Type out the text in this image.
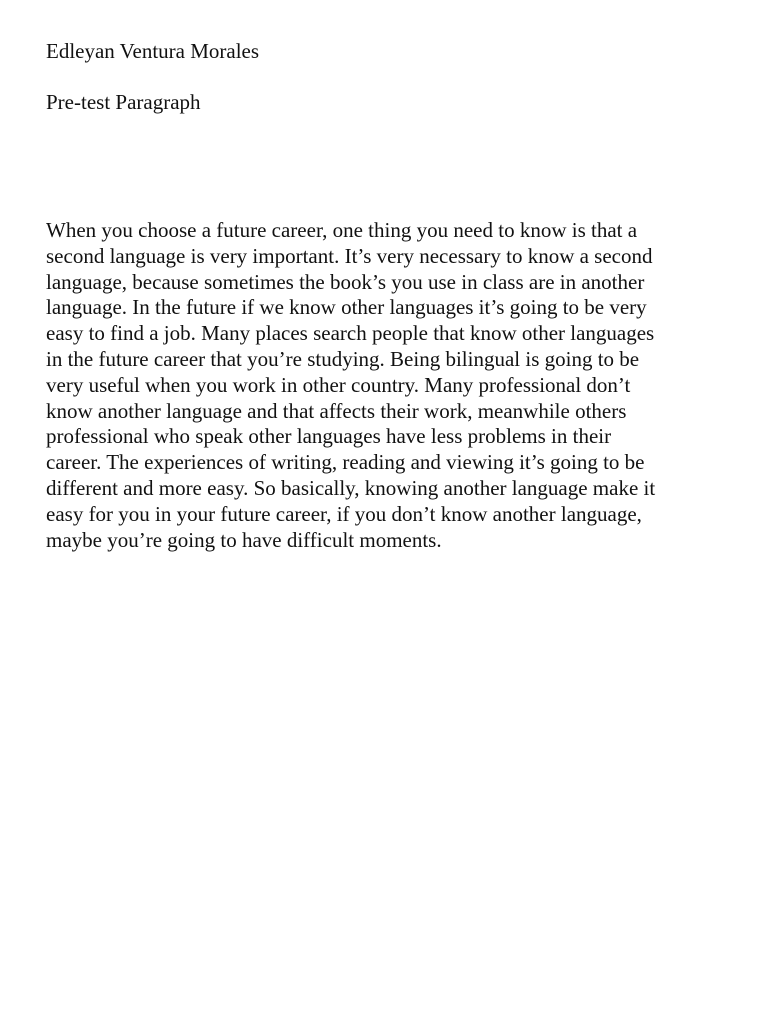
Edleyan Ventura Morales
Pre-test Paragraph
When you choose a future career, one thing you need to know is that a
second language is very important. It’s very necessary to know a second
language, because sometimes the book’s you use in class are in another
language. In the future if we know other languages it’s going to be very
easy to find a job. Many places search people that know other languages
in the future career that you’re studying. Being bilingual is going to be
very useful when you work in other country. Many professional don’t
know another language and that affects their work, meanwhile others
professional who speak other languages have less problems in their
career. The experiences of writing, reading and viewing it’s going to be
different and more easy. So basically, knowing another language make it
easy for you in your future career, if you don’t know another language,
maybe you’re going to have difficult moments.
